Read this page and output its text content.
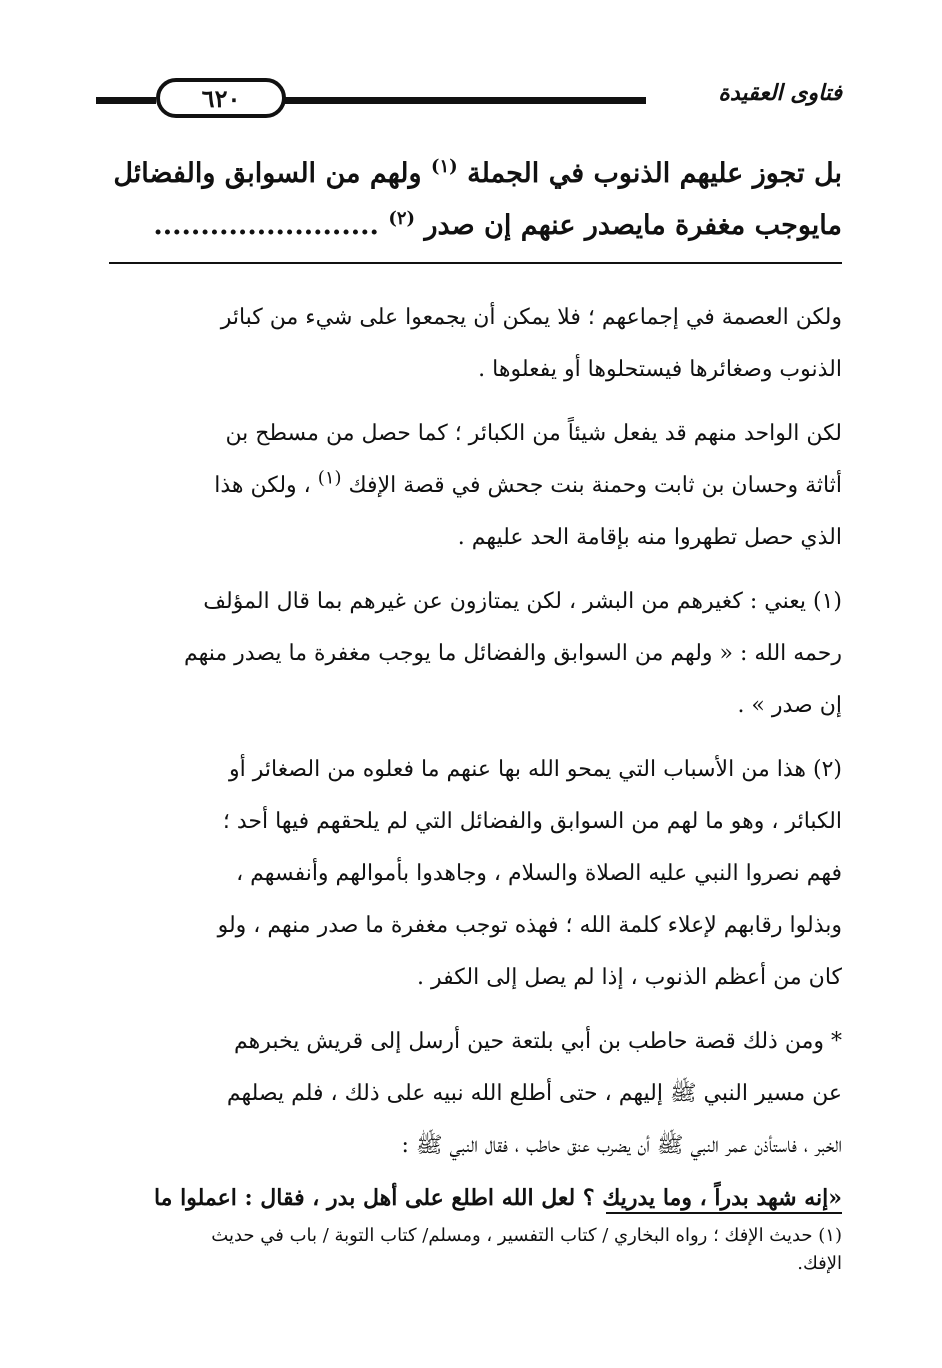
فتاوى العقيدة
٦٢٠
بل تجوز عليهم الذنوب في الجملة $^{(١)}$ ولهم من السوابق والفضائل
مايوجب مغفرة مايصدر عنهم إن صدر $^{(٢)}$ ........................
ولكن العصمة في إجماعهم ؛ فلا يمكن أن يجمعوا على شيء من كبائر
الذنوب وصغائرها فيستحلوها أو يفعلوها .
لكن الواحد منهم قد يفعل شيئاً من الكبائر ؛ كما حصل من مسطح بن
أثاثة وحسان بن ثابت وحمنة بنت جحش في قصة الإفك $^{(١)}$ ، ولكن هذا
الذي حصل تطهروا منه بإقامة الحد عليهم .
(١) يعني : كغيرهم من البشر ، لكن يمتازون عن غيرهم بما قال المؤلف
رحمه الله : « ولهم من السوابق والفضائل ما يوجب مغفرة ما يصدر منهم
إن صدر » .
(٢) هذا من الأسباب التي يمحو الله بها عنهم ما فعلوه من الصغائر أو
الكبائر ، وهو ما لهم من السوابق والفضائل التي لم يلحقهم فيها أحد ؛
فهم نصروا النبي عليه الصلاة والسلام ، وجاهدوا بأموالهم وأنفسهم ،
وبذلوا رقابهم لإعلاء كلمة الله ؛ فهذه توجب مغفرة ما صدر منهم ، ولو
كان من أعظم الذنوب ، إذا لم يصل إلى الكفر .
* ومن ذلك قصة حاطب بن أبي بلتعة حين أرسل إلى قريش يخبرهم
عن مسير النبي ﷺ إليهم ، حتى أطلع الله نبيه على ذلك ، فلم يصلهم
الخبر ، فاستأذن عمر النبي ﷺ أن يضرب عنق حاطب ، فقال النبي ﷺ :
«إنه شهد بدراً ، وما يدريك ؟ لعل الله اطلع على أهل بدر ، فقال : اعملوا ما
(١) حديث الإفك ؛ رواه البخاري / كتاب التفسير ، ومسلم/ كتاب التوبة / باب في حديث
الإفك.
